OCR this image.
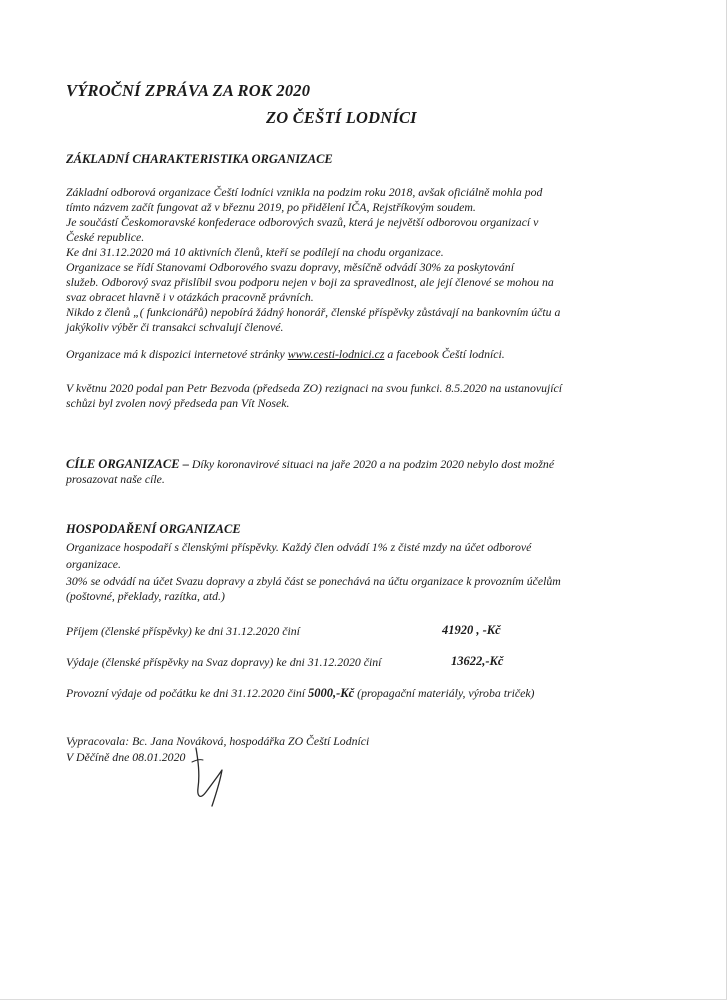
VÝROČNÍ ZPRÁVA ZA ROK 2020
ZO ČEŠTÍ LODNÍCI
ZÁKLADNÍ CHARAKTERISTIKA ORGANIZACE
Základní odborová organizace Čeští lodníci vznikla na podzim roku 2018, avšak oficiálně mohla pod
tímto názvem začít fungovat až v březnu 2019, po přidělení IČA, Rejstříkovým soudem.
Je součástí Českomoravské konfederace odborových svazů, která je největší odborovou organizací v
České republice.
Ke dni 31.12.2020 má 10 aktivních členů, kteří se podílejí na chodu organizace.
Organizace se řídí Stanovami Odborového svazu dopravy, měsíčně odvádí 30% za poskytování
služeb. Odborový svaz přislíbil svou podporu nejen v boji za spravedlnost, ale její členové se mohou na
svaz obracet hlavně i v otázkách pracovně právních.
Nikdo z členů „( funkcionářů) nepobírá žádný honorář, členské příspěvky zůstávají na bankovním účtu a
jakýkoliv výběr či transakci schvalují členové.
Organizace má k dispozici internetové stránky www.cesti-lodnici.cz a facebook Čeští lodníci.
V květnu 2020 podal pan Petr Bezvoda (předseda ZO) rezignaci na svou funkci. 8.5.2020 na ustanovující
schůzi byl zvolen nový předseda pan Vít Nosek.
CÍLE ORGANIZACE – Díky koronavirové situaci na jaře 2020 a na podzim 2020 nebylo dost možné
prosazovat naše cíle.
HOSPODAŘENÍ ORGANIZACE
Organizace hospodaří s členskými příspěvky. Každý člen odvádí 1% z čisté mzdy na účet odborové
organizace.
30% se odvádí na účet Svazu dopravy a zbylá část se ponechává na účtu organizace k provozním účelům
(poštovné, překlady, razítka, atd.)
Příjem (členské příspěvky) ke dni 31.12.2020 činí	41920 , -Kč
Výdaje (členské příspěvky na Svaz dopravy) ke dni 31.12.2020 činí	13622,-Kč
Provozní výdaje od počátku ke dni 31.12.2020 činí 5000,-Kč (propagační materiály, výroba triček)
Vypracovala: Bc. Jana Nováková, hospodářka ZO Čeští Lodníci
V Děčíně dne 08.01.2020
